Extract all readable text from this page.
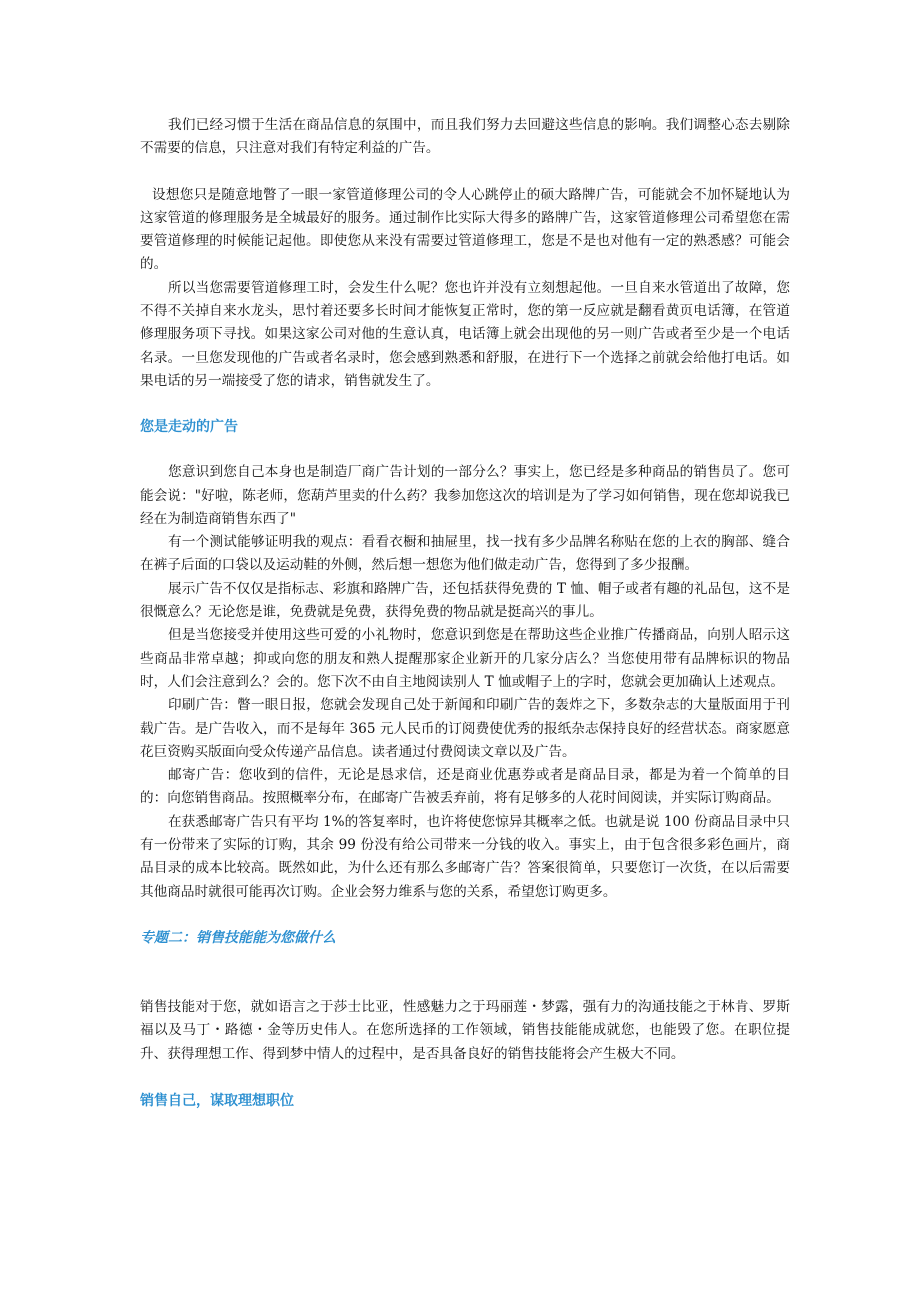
我们已经习惯于生活在商品信息的氛围中，而且我们努力去回避这些信息的影响。我们调整心态去剔除不需要的信息，只注意对我们有特定利益的广告。

设想您只是随意地瞥了一眼一家管道修理公司的令人心跳停止的硕大路牌广告，可能就会不加怀疑地认为这家管道的修理服务是全城最好的服务。通过制作比实际大得多的路牌广告，这家管道修理公司希望您在需要管道修理的时候能记起他。即使您从来没有需要过管道修理工，您是不是也对他有一定的熟悉感？可能会的。

所以当您需要管道修理工时，会发生什么呢？您也许并没有立刻想起他。一旦自来水管道出了故障，您不得不关掉自来水龙头，思忖着还要多长时间才能恢复正常时，您的第一反应就是翻看黄页电话簿，在管道修理服务项下寻找。如果这家公司对他的生意认真，电话簿上就会出现他的另一则广告或者至少是一个电话名录。一旦您发现他的广告或者名录时，您会感到熟悉和舒服，在进行下一个选择之前就会给他打电话。如果电话的另一端接受了您的请求，销售就发生了。

您是走动的广告

您意识到您自己本身也是制造厂商广告计划的一部分么？事实上，您已经是多种商品的销售员了。您可能会说："好啦，陈老师，您葫芦里卖的什么药？我参加您这次的培训是为了学习如何销售，现在您却说我已经在为制造商销售东西了"

有一个测试能够证明我的观点：看看衣橱和抽屉里，找一找有多少品牌名称贴在您的上衣的胸部、缝合在裤子后面的口袋以及运动鞋的外侧，然后想一想您为他们做走动广告，您得到了多少报酬。

展示广告不仅仅是指标志、彩旗和路牌广告，还包括获得免费的 T 恤、帽子或者有趣的礼品包，这不是很慨意么？无论您是谁，免费就是免费，获得免费的物品就是挺高兴的事儿。

但是当您接受并使用这些可爱的小礼物时，您意识到您是在帮助这些企业推广传播商品，向别人昭示这些商品非常卓越；抑或向您的朋友和熟人提醒那家企业新开的几家分店么？当您使用带有品牌标识的物品时，人们会注意到么？会的。您下次不由自主地阅读别人 T 恤或帽子上的字时，您就会更加确认上述观点。

印刷广告：瞥一眼日报，您就会发现自己处于新闻和印刷广告的轰炸之下，多数杂志的大量版面用于刊载广告。是广告收入，而不是每年 365 元人民币的订阅费使优秀的报纸杂志保持良好的经营状态。商家愿意花巨资购买版面向受众传递产品信息。读者通过付费阅读文章以及广告。

邮寄广告：您收到的信件，无论是恳求信，还是商业优惠券或者是商品目录，都是为着一个简单的目的：向您销售商品。按照概率分布，在邮寄广告被丢弃前，将有足够多的人花时间阅读，并实际订购商品。

在获悉邮寄广告只有平均 1%的答复率时，也许将使您惊异其概率之低。也就是说 100 份商品目录中只有一份带来了实际的订购，其余 99 份没有给公司带来一分钱的收入。事实上，由于包含很多彩色画片，商品目录的成本比较高。既然如此，为什么还有那么多邮寄广告？答案很简单，只要您订一次货，在以后需要其他商品时就很可能再次订购。企业会努力维系与您的关系，希望您订购更多。

专题二：销售技能能为您做什么

销售技能对于您，就如语言之于莎士比亚，性感魅力之于玛丽莲・梦露，强有力的沟通技能之于林肯、罗斯福以及马丁・路德・金等历史伟人。在您所选择的工作领域，销售技能能成就您，也能毁了您。在职位提升、获得理想工作、得到梦中情人的过程中，是否具备良好的销售技能将会产生极大不同。

销售自己，谋取理想职位
